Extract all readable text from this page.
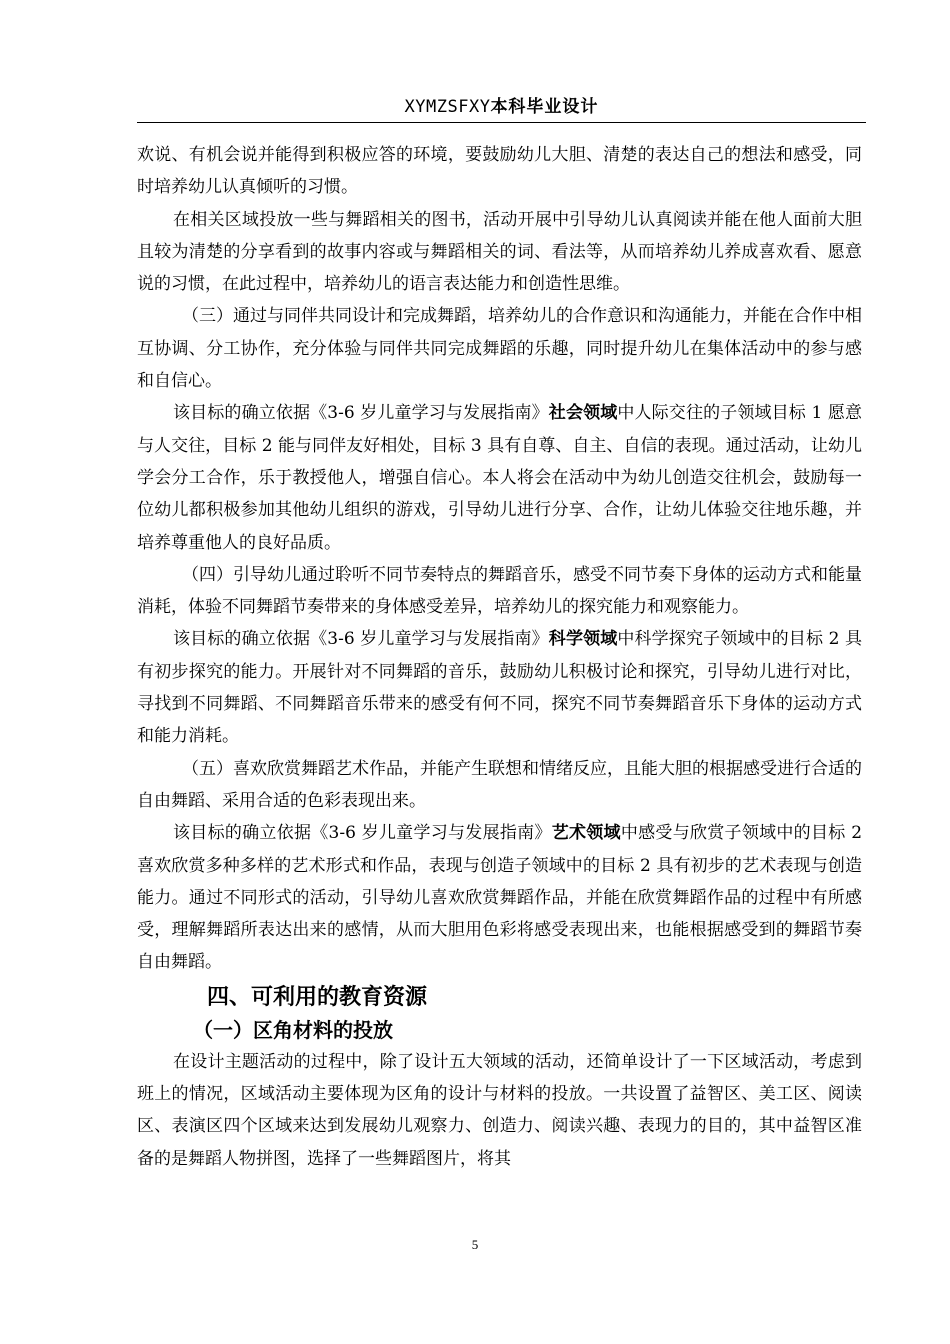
XYMZSFXY本科毕业设计

欢说、有机会说并能得到积极应答的环境，要鼓励幼儿大胆、清楚的表达自己的想法和感受，同时培养幼儿认真倾听的习惯。

在相关区域投放一些与舞蹈相关的图书，活动开展中引导幼儿认真阅读并能在他人面前大胆且较为清楚的分享看到的故事内容或与舞蹈相关的词、看法等，从而培养幼儿养成喜欢看、愿意说的习惯，在此过程中，培养幼儿的语言表达能力和创造性思维。

（三）通过与同伴共同设计和完成舞蹈，培养幼儿的合作意识和沟通能力，并能在合作中相互协调、分工协作，充分体验与同伴共同完成舞蹈的乐趣，同时提升幼儿在集体活动中的参与感和自信心。

该目标的确立依据《3-6 岁儿童学习与发展指南》社会领域中人际交往的子领域目标 1 愿意与人交往，目标 2 能与同伴友好相处，目标 3 具有自尊、自主、自信的表现。通过活动，让幼儿学会分工合作，乐于教授他人，增强自信心。本人将会在活动中为幼儿创造交往机会，鼓励每一位幼儿都积极参加其他幼儿组织的游戏，引导幼儿进行分享、合作，让幼儿体验交往地乐趣，并培养尊重他人的良好品质。

（四）引导幼儿通过聆听不同节奏特点的舞蹈音乐，感受不同节奏下身体的运动方式和能量消耗，体验不同舞蹈节奏带来的身体感受差异，培养幼儿的探究能力和观察能力。

该目标的确立依据《3-6 岁儿童学习与发展指南》科学领域中科学探究子领域中的目标 2 具有初步探究的能力。开展针对不同舞蹈的音乐，鼓励幼儿积极讨论和探究，引导幼儿进行对比，寻找到不同舞蹈、不同舞蹈音乐带来的感受有何不同，探究不同节奏舞蹈音乐下身体的运动方式和能力消耗。

（五）喜欢欣赏舞蹈艺术作品，并能产生联想和情绪反应，且能大胆的根据感受进行合适的自由舞蹈、采用合适的色彩表现出来。

该目标的确立依据《3-6 岁儿童学习与发展指南》艺术领域中感受与欣赏子领域中的目标 2 喜欢欣赏多种多样的艺术形式和作品，表现与创造子领域中的目标 2 具有初步的艺术表现与创造能力。通过不同形式的活动，引导幼儿喜欢欣赏舞蹈作品，并能在欣赏舞蹈作品的过程中有所感受，理解舞蹈所表达出来的感情，从而大胆用色彩将感受表现出来，也能根据感受到的舞蹈节奏自由舞蹈。

四、可利用的教育资源
（一）区角材料的投放

在设计主题活动的过程中，除了设计五大领域的活动，还简单设计了一下区域活动，考虑到班上的情况，区域活动主要体现为区角的设计与材料的投放。一共设置了益智区、美工区、阅读区、表演区四个区域来达到发展幼儿观察力、创造力、阅读兴趣、表现力的目的，其中益智区准备的是舞蹈人物拼图，选择了一些舞蹈图片，将其

5
